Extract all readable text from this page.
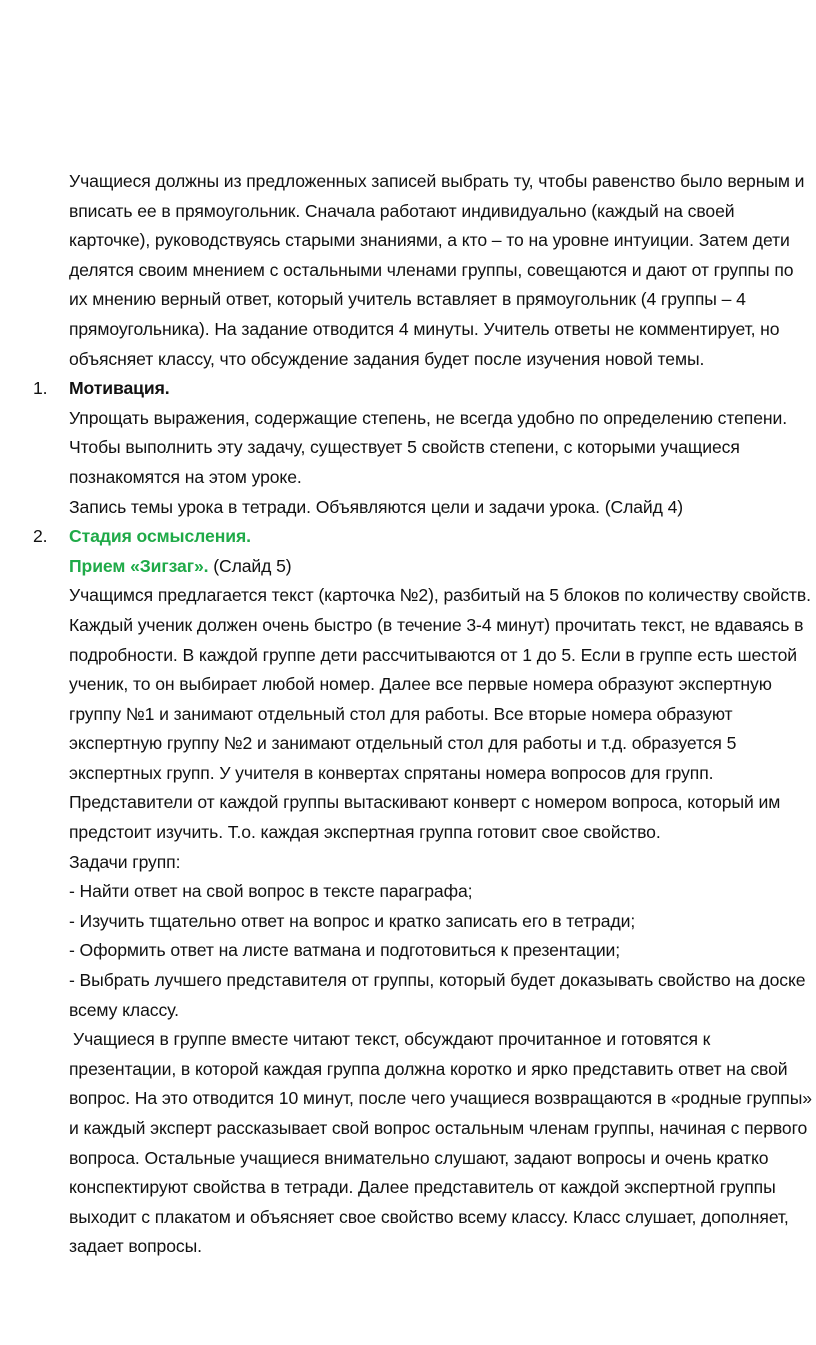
Учащиеся должны из предложенных записей выбрать ту, чтобы равенство было верным и вписать ее в прямоугольник. Сначала работают индивидуально (каждый на своей карточке), руководствуясь старыми знаниями, а кто – то на уровне интуиции. Затем дети делятся своим мнением с остальными членами группы, совещаются и дают от группы по их мнению верный ответ, который учитель вставляет в прямоугольник (4 группы – 4 прямоугольника). На задание отводится 4 минуты. Учитель ответы не комментирует, но объясняет классу, что обсуждение задания будет после изучения новой темы.

1. Мотивация.

Упрощать выражения, содержащие степень, не всегда удобно по определению степени. Чтобы выполнить эту задачу, существует 5 свойств степени, с которыми учащиеся познакомятся на этом уроке.

Запись темы урока в тетради. Объявляются цели и задачи урока. (Слайд 4)

2. Стадия осмысления.

Прием «Зигзаг». (Слайд 5)

Учащимся предлагается текст (карточка №2), разбитый на 5 блоков по количеству свойств. Каждый ученик должен очень быстро (в течение 3-4 минут) прочитать текст, не вдаваясь в подробности. В каждой группе дети рассчитываются от 1 до 5. Если в группе есть шестой ученик, то он выбирает любой номер. Далее все первые номера образуют экспертную группу №1 и занимают отдельный стол для работы. Все вторые номера образуют экспертную группу №2 и занимают отдельный стол для работы и т.д. образуется 5 экспертных групп. У учителя в конвертах спрятаны номера вопросов для групп. Представители от каждой группы вытаскивают конверт с номером вопроса, который им предстоит изучить. Т.о. каждая экспертная группа готовит свое свойство.

Задачи групп:

- Найти ответ на свой вопрос в тексте параграфа;

- Изучить тщательно ответ на вопрос и кратко записать его в тетради;

- Оформить ответ на листе ватмана и подготовиться к презентации;

- Выбрать лучшего представителя от группы, который будет доказывать свойство на доске всему классу.

Учащиеся в группе вместе читают текст, обсуждают прочитанное и готовятся к презентации, в которой каждая группа должна коротко и ярко представить ответ на свой вопрос. На это отводится 10 минут, после чего учащиеся возвращаются в «родные группы» и каждый эксперт рассказывает свой вопрос остальным членам группы, начиная с первого вопроса. Остальные учащиеся внимательно слушают, задают вопросы и очень кратко конспектируют свойства в тетради. Далее представитель от каждой экспертной группы выходит с плакатом и объясняет свое свойство всему классу. Класс слушает, дополняет, задает вопросы.
